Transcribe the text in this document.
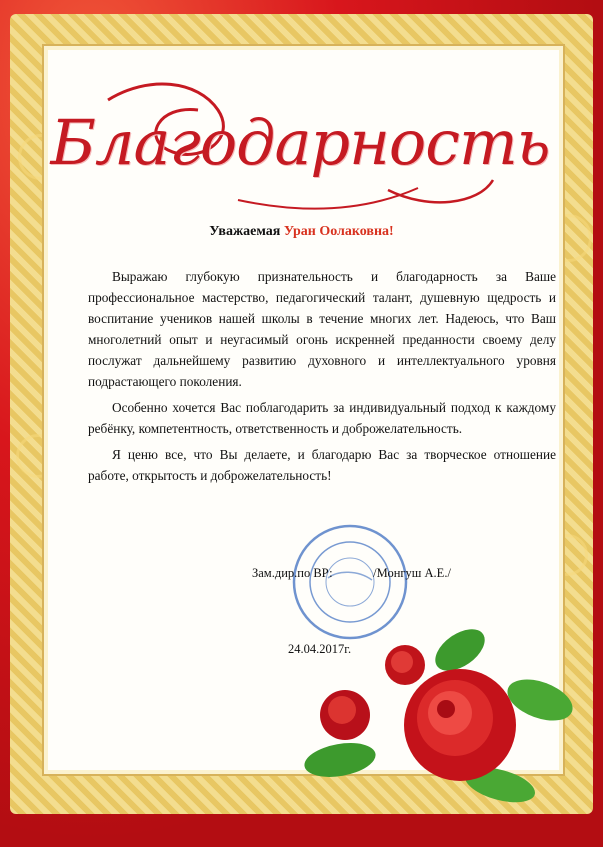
Благодарность
Уважаемая Уран Оолаковна!

Выражаю глубокую признательность и благодарность за Ваше профессиональное мастерство, педагогический талант, душевную щедрость и воспитание учеников нашей школы в течение многих лет. Надеюсь, что Ваш многолетний опыт и неугасимый огонь искренней преданности своему делу послужат дальнейшему развитию духовного и интеллектуального уровня подрастающего поколения.

Особенно хочется Вас поблагодарить за индивидуальный подход к каждому ребёнку, компетентность, ответственность и доброжелательность.

Я ценю все, что Вы делаете, и благодарю Вас за творческое отношение работе, открытость и доброжелательность!

Зам.дир.по ВР:             /Монгуш А.Е./
24.04.2017г.
